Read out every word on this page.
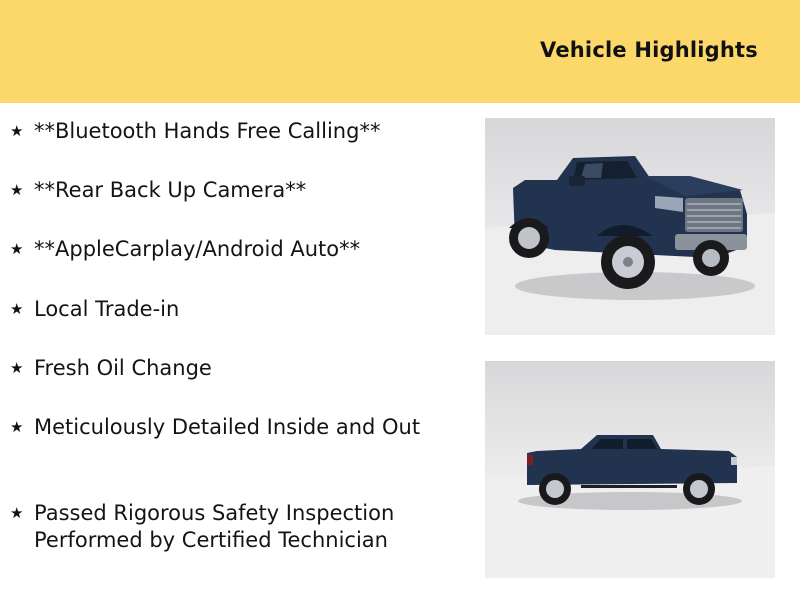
Vehicle Highlights
★ **Bluetooth Hands Free Calling**
★ **Rear Back Up Camera**
★ **AppleCarplay/Android Auto**
★ Local Trade-in
★ Fresh Oil Change
★ Meticulously Detailed Inside and Out
★ Passed Rigorous Safety Inspection Performed by Certified Technician
